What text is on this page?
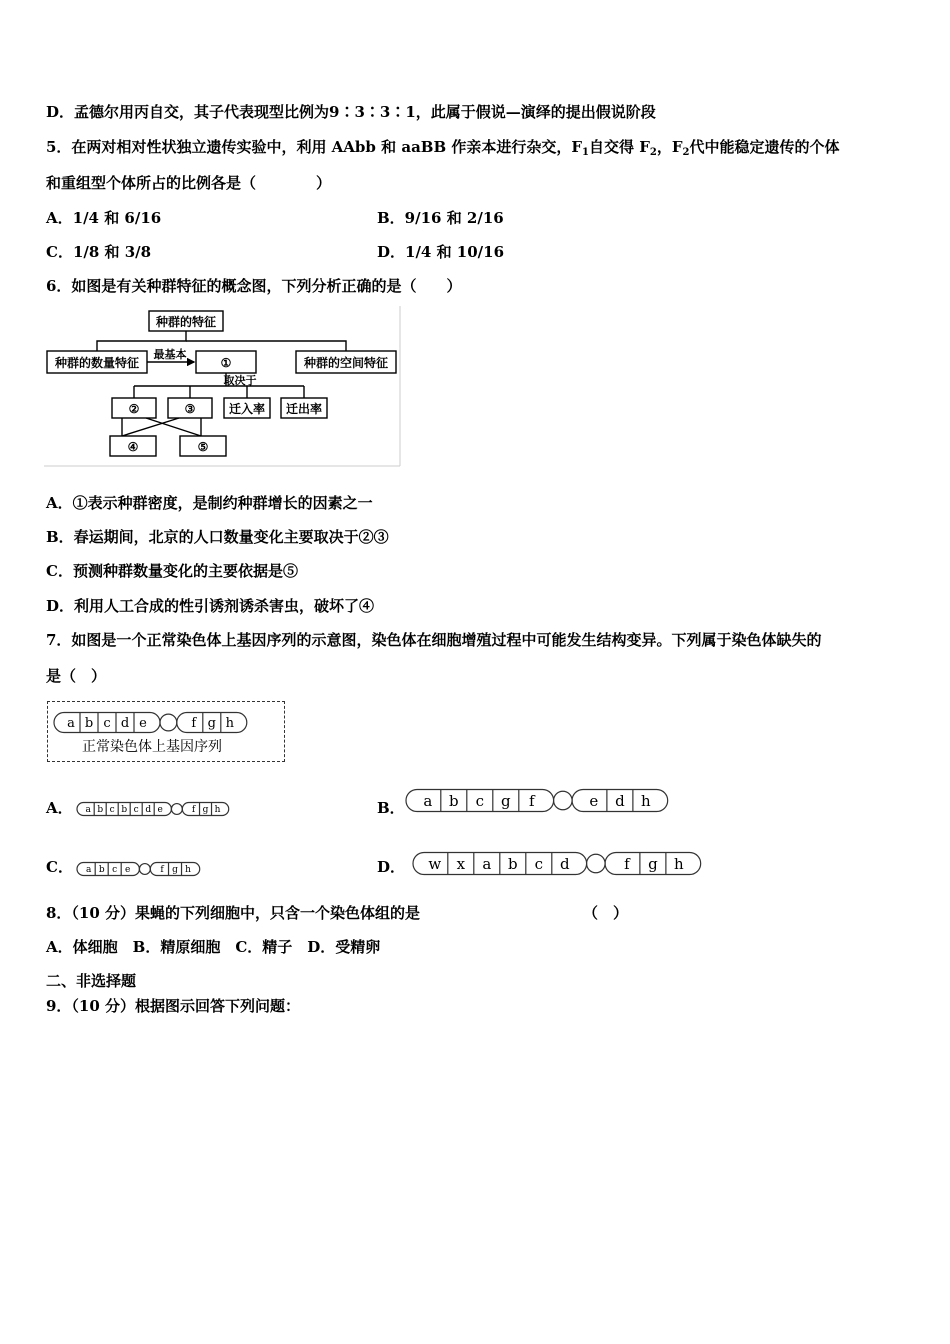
D．孟德尔用丙自交，其子代表现型比例为9∶3∶3∶1，此属于假说—演绎的提出假说阶段
5．在两对相对性状独立遗传实验中，利用 AAbb 和 aaBB 作亲本进行杂交，$F_1$自交得 $F_2$，$F_2$代中能稳定遗传的个体
和重组型个体所占的比例各是（　　　　）
A．1/4 和 6/16	B．9/16 和 2/16
C．1/8 和 3/8	D．1/4 和 10/16
6．如图是有关种群特征的概念图，下列分析正确的是（　　）
种群的特征
种群的数量特征	①	种群的空间特征
最基本
取决于
②	③	迁入率 迁出率
④	⑤
A．①表示种群密度，是制约种群增长的因素之一
B．春运期间，北京的人口数量变化主要取决于②③
C．预测种群数量变化的主要依据是⑤
D．利用人工合成的性引诱剂诱杀害虫，破坏了④
7．如图是一个正常染色体上基因序列的示意图，染色体在细胞增殖过程中可能发生结构变异。下列属于染色体缺失的
是（　）
a b c d e	f g h
正常染色体上基因序列
A． a b c b c d e	f g h	B． a b c g f	e d h
C． a b c e	f g h	D． w x a b c d	f g h
8．（10 分）果蝇的下列细胞中，只含一个染色体组的是	（　）
A．体细胞　B．精原细胞　C．精子　D．受精卵
二、非选择题
9．（10 分）根据图示回答下列问题：
